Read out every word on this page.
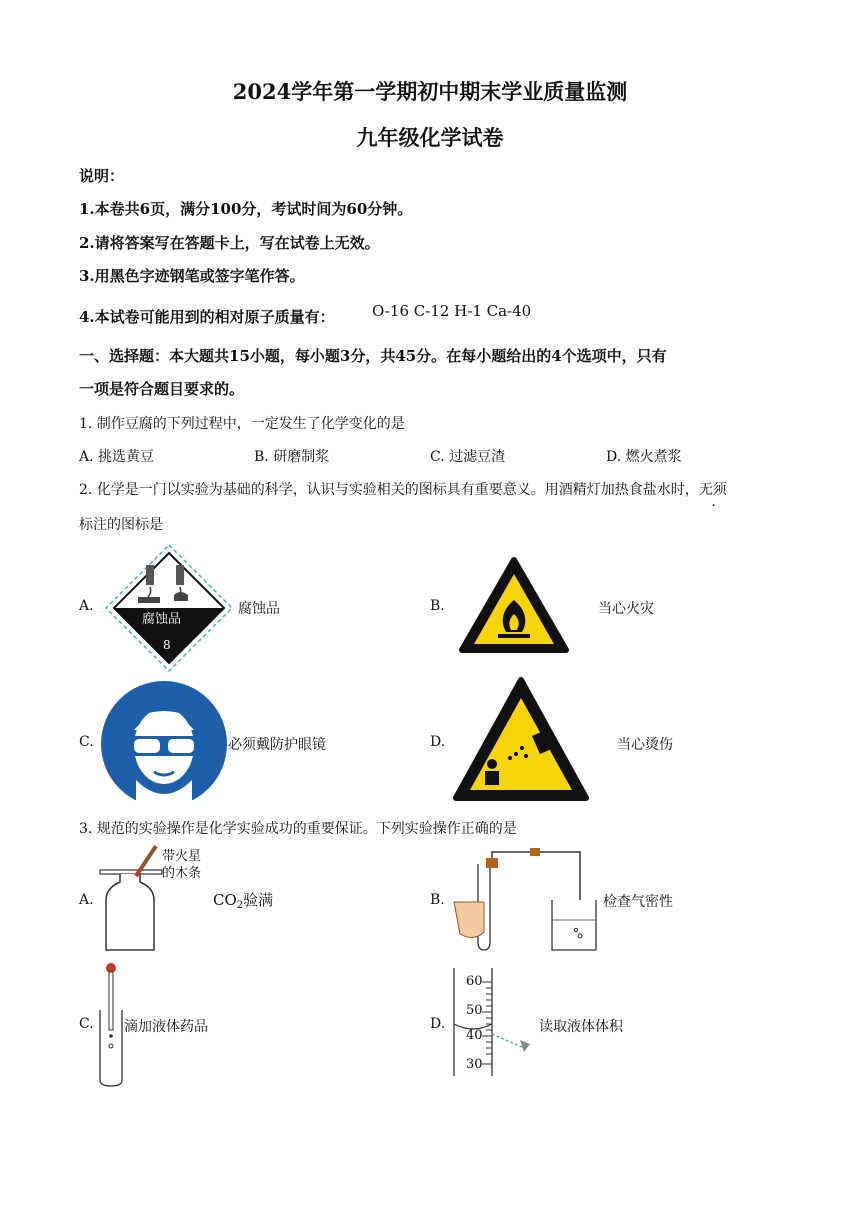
2024学年第一学期初中期末学业质量监测
九年级化学试卷
说明：
1.本卷共6页，满分100分，考试时间为60分钟。
2.请将答案写在答题卡上，写在试卷上无效。
3.用黑色字迹钢笔或签字笔作答。
4.本试卷可能用到的相对原子质量有： O-16 C-12 H-1 Ca-40
一、选择题：本大题共15小题，每小题3分，共45分。在每小题给出的4个选项中，只有
一项是符合题目要求的。
1. 制作豆腐的下列过程中，一定发生了化学变化的是
A. 挑选黄豆	B. 研磨制浆	C. 过滤豆渣	D. 燃火煮浆
2. 化学是一门以实验为基础的科学，认识与实验相关的图标具有重要意义。用酒精灯加热食盐水时，无须
标注的图标是
A.
腐蚀品
8
腐蚀品	B.	当心火灾
C.	必须戴防护眼镜	D.	当心烫伤
3. 规范的实验操作是化学实验成功的重要保证。下列实验操作正确的是
A.
带火星
的木条
$CO_2$验满	B.	检查气密性
C. 滴加液体药品	D.
60
50
40
30
读取液体体积
